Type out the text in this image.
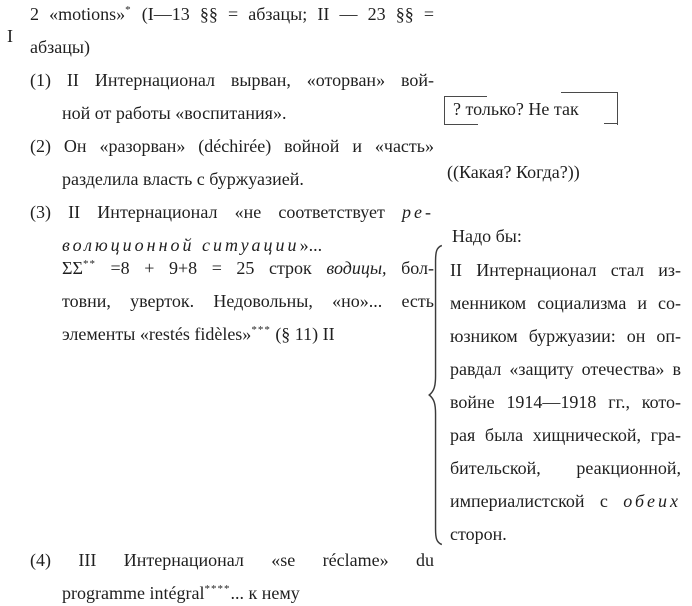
I
2 «motions»* (I—13 §§ = абзацы; II — 23 §§ =
абзацы)
(1) II Интернационал вырван, «оторван» вой-
ной от работы «воспитания».
(2) Он «разорван» (déchirée) войной и «часть»
разделила власть с буржуазией.
(3) II Интернационал «не соответствует ре-
волюционной ситуации»...
ΣΣ** =8 + 9+8 = 25 строк водицы, бол-
товни, уверток. Недовольны, «но»... есть
элементы «restés fidèles»*** (§ 11) II
(4) III Интернационал «se réclame» du
programme intégral****... к нему
? только? Не так
((Какая? Когда?))
Надо бы:
II Интернационал стал из-
менником социализма и со-
юзником буржуазии: он оп-
равдал «защиту отечества» в
войне 1914—1918 гг., кото-
рая была хищнической, гра-
бительской, реакционной,
империалистской с обеих
сторон.
